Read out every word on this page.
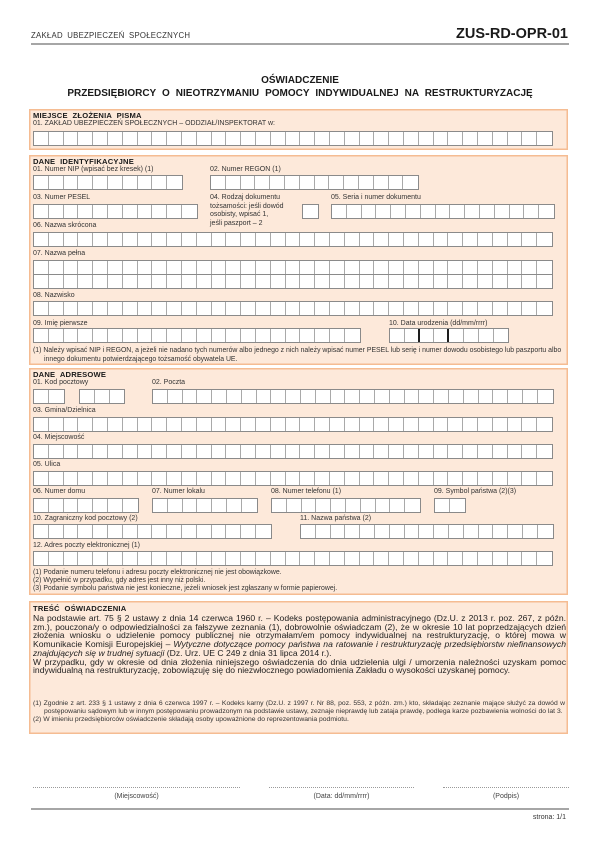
ZAKŁAD UBEZPIECZEŃ SPOŁECZNYCH	ZUS-RD-OPR-01
OŚWIADCZENIE
PRZEDSIĘBIORCY O NIEOTRZYMANIU POMOCY INDYWIDUALNEJ NA RESTRUKTURYZACJĘ
MIEJSCE ZŁOŻENIA PISMA
01. ZAKŁAD UBEZPIECZEŃ SPOŁECZNYCH – ODDZIAŁ/INSPEKTORAT w:
DANE IDENTYFIKACYJNE
01. Numer NIP (wpisać bez kresek) (1)	02. Numer REGON (1)
03. Numer PESEL	04. Rodzaj dokumentu
tożsamości: jeśli dowód
osobisty, wpisać 1,
jeśli paszport – 2
05. Seria i numer dokumentu
06. Nazwa skrócona
07. Nazwa pełna
08. Nazwisko
09. Imię pierwsze	10. Data urodzenia (dd/mm/rrrr)
(1) Należy wpisać NIP i REGON, a jeżeli nie nadano tych numerów albo jednego z nich należy wpisać numer PESEL lub serię i numer dowodu osobistego lub paszportu albo innego dokumentu potwierdzającego tożsamość obywatela UE.
DANE ADRESOWE
01. Kod pocztowy	02. Poczta
03. Gmina/Dzielnica
04. Miejscowość
05. Ulica
06. Numer domu	07. Numer lokalu	08. Numer telefonu (1)	09. Symbol państwa (2)(3)
10. Zagraniczny kod pocztowy (2)	11. Nazwa państwa (2)
12. Adres poczty elektronicznej (1)
(1) Podanie numeru telefonu i adresu poczty elektronicznej nie jest obowiązkowe.
(2) Wypełnić w przypadku, gdy adres jest inny niż polski.
(3) Podanie symbolu państwa nie jest konieczne, jeżeli wniosek jest zgłaszany w formie papierowej.
TREŚĆ OŚWIADCZENIA

Na podstawie art. 75 § 2 ustawy z dnia 14 czerwca 1960 r. – Kodeks postępowania administracyjnego (Dz.U. z 2013 r. poz. 267, z późn. zm.), pouczona/y o odpowiedzialności za fałszywe zeznania (1), dobrowolnie oświadczam (2), że w okresie 10 lat poprzedzających dzień złożenia wniosku o udzielenie pomocy publicznej nie otrzymałam/em pomocy indywidualnej na restrukturyzację, o której mowa w Komunikacie Komisji Europejskiej – Wytyczne dotyczące pomocy państwa na ratowanie i restrukturyzację przedsiębiorstw niefinansowych znajdujących się w trudnej sytuacji (Dz. Urz. UE C 249 z dnia 31 lipca 2014 r.).

W przypadku, gdy w okresie od dnia złożenia niniejszego oświadczenia do dnia udzielenia ulgi / umorzenia należności uzyskam pomoc indywidualną na restrukturyzację, zobowiązuję się do niezwłocznego powiadomienia Zakładu o wysokości uzyskanej pomocy.

(1) Zgodnie z art. 233 § 1 ustawy z dnia 6 czerwca 1997 r. – Kodeks karny (Dz.U. z 1997 r. Nr 88, poz. 553, z późn. zm.) kto, składając zeznanie mające służyć za dowód w postępowaniu sądowym lub w innym postępowaniu prowadzonym na podstawie ustawy, zeznaje nieprawdę lub zataja prawdę, podlega karze pozbawienia wolności do lat 3.

(2) W imieniu przedsiębiorców oświadczenie składają osoby upoważnione do reprezentowania podmiotu.

(Miejscowość)	(Data: dd/mm/rrrr)	(Podpis)
strona: 1/1
